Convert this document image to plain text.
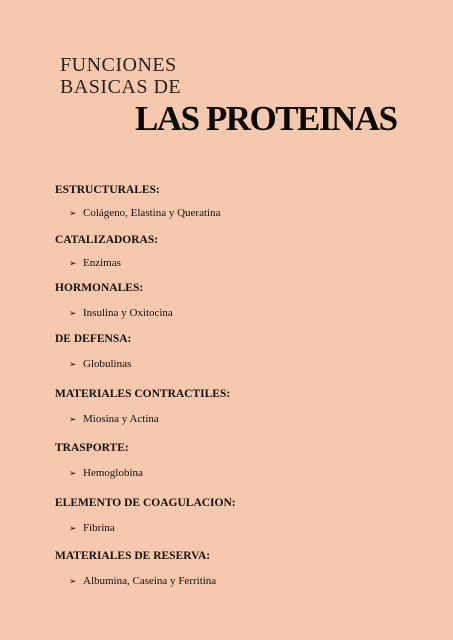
FUNCIONES
BASICAS DE
LAS PROTEINAS

ESTRUCTURALES:

➢ Colágeno, Elastina y Queratina

CATALIZADORAS:

➢ Enzimas

HORMONALES:

➢ Insulina y Oxitocina

DE DEFENSA:

➢ Globulinas

MATERIALES CONTRACTILES:

➢ Miosina y Actina

TRASPORTE:

➢ Hemoglobina

ELEMENTO DE COAGULACION:

➢ Fibrina

MATERIALES DE RESERVA:

➢ Albumina, Caseina y Ferritina
